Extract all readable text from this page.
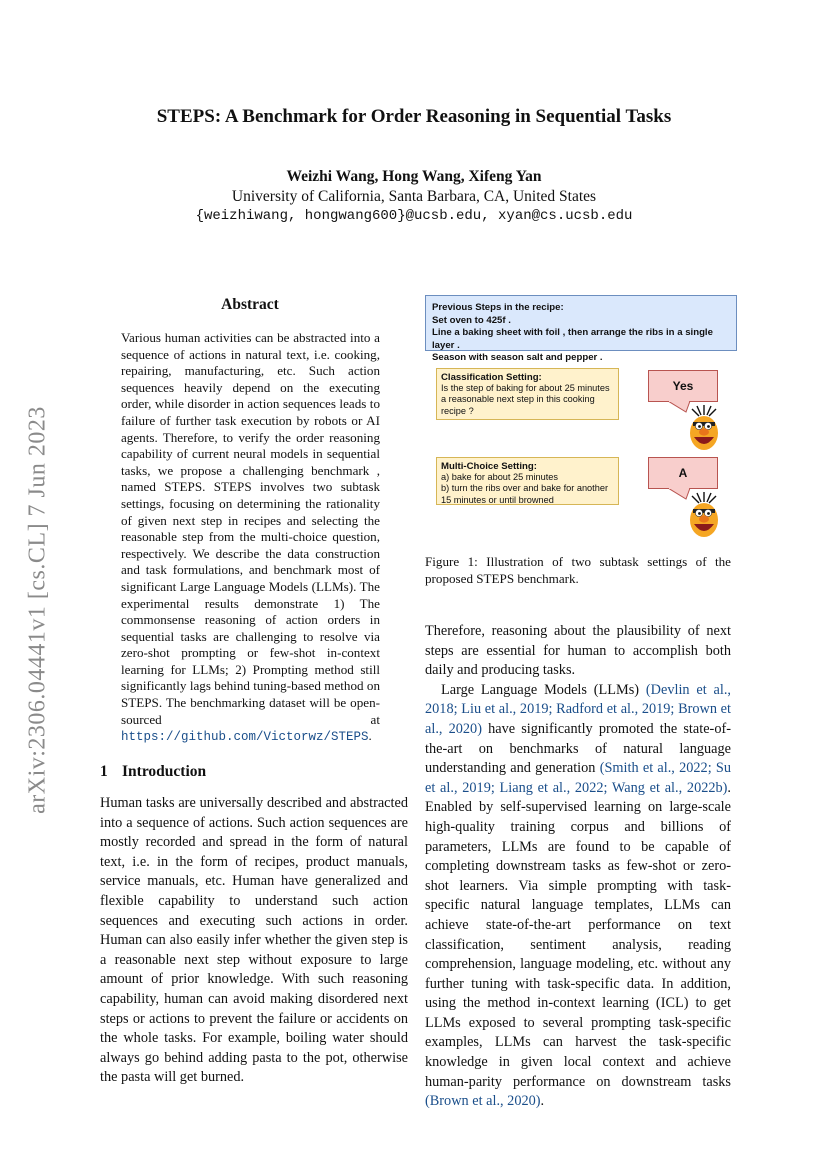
arXiv:2306.04441v1 [cs.CL] 7 Jun 2023
STEPS: A Benchmark for Order Reasoning in Sequential Tasks
Weizhi Wang, Hong Wang, Xifeng Yan
University of California, Santa Barbara, CA, United States
{weizhiwang, hongwang600}@ucsb.edu, xyan@cs.ucsb.edu
Abstract
Various human activities can be abstracted into a sequence of actions in natural text, i.e. cooking, repairing, manufacturing, etc. Such action sequences heavily depend on the executing order, while disorder in action sequences leads to failure of further task execution by robots or AI agents. Therefore, to verify the order reasoning capability of current neural models in sequential tasks, we propose a challenging benchmark , named STEPS. STEPS involves two subtask settings, focusing on determining the rationality of given next step in recipes and selecting the reasonable step from the multi-choice question, respectively. We describe the data construction and task formulations, and benchmark most of significant Large Language Models (LLMs). The experimental results demonstrate 1) The commonsense reasoning of action orders in sequential tasks are challenging to resolve via zero-shot prompting or few-shot in-context learning for LLMs; 2) Prompting method still significantly lags behind tuning-based method on STEPS. The benchmarking dataset will be open-sourced at https://github.com/Victorwz/STEPS.
1 Introduction
Human tasks are universally described and abstracted into a sequence of actions. Such action sequences are mostly recorded and spread in the form of natural text, i.e. in the form of recipes, product manuals, service manuals, etc. Human have generalized and flexible capability to understand such action sequences and executing such actions in order. Human can also easily infer whether the given step is a reasonable next step without exposure to large amount of prior knowledge. With such reasoning capability, human can avoid making disordered next steps or actions to prevent the failure or accidents on the whole tasks. For example, boiling water should always go behind adding pasta to the pot, otherwise the pasta will get burned.
Previous Steps in the recipe:
Set oven to 425f .
Line a baking sheet with foil , then arrange the ribs in a single layer .
Season with season salt and pepper .
Classification Setting:
Is the step of baking for about 25 minutes
a reasonable next step in this cooking
recipe ?
Multi-Choice Setting:
a) bake for about 25 minutes
b) turn the ribs over and bake for another
15 minutes or until browned
Yes
A
Figure 1: Illustration of two subtask settings of the proposed STEPS benchmark.

Therefore, reasoning about the plausibility of next steps are essential for human to accomplish both daily and producing tasks.

Large Language Models (LLMs) (Devlin et al., 2018; Liu et al., 2019; Radford et al., 2019; Brown et al., 2020) have significantly promoted the state-of-the-art on benchmarks of natural language understanding and generation (Smith et al., 2022; Su et al., 2019; Liang et al., 2022; Wang et al., 2022b). Enabled by self-supervised learning on large-scale high-quality training corpus and billions of parameters, LLMs are found to be capable of completing downstream tasks as few-shot or zero-shot learners. Via simple prompting with task-specific natural language templates, LLMs can achieve state-of-the-art performance on text classification, sentiment analysis, reading comprehension, language modeling, etc. without any further tuning with task-specific data. In addition, using the method in-context learning (ICL) to get LLMs exposed to several prompting task-specific examples, LLMs can harvest the task-specific knowledge in given local context and achieve human-parity performance on downstream tasks (Brown et al., 2020).
